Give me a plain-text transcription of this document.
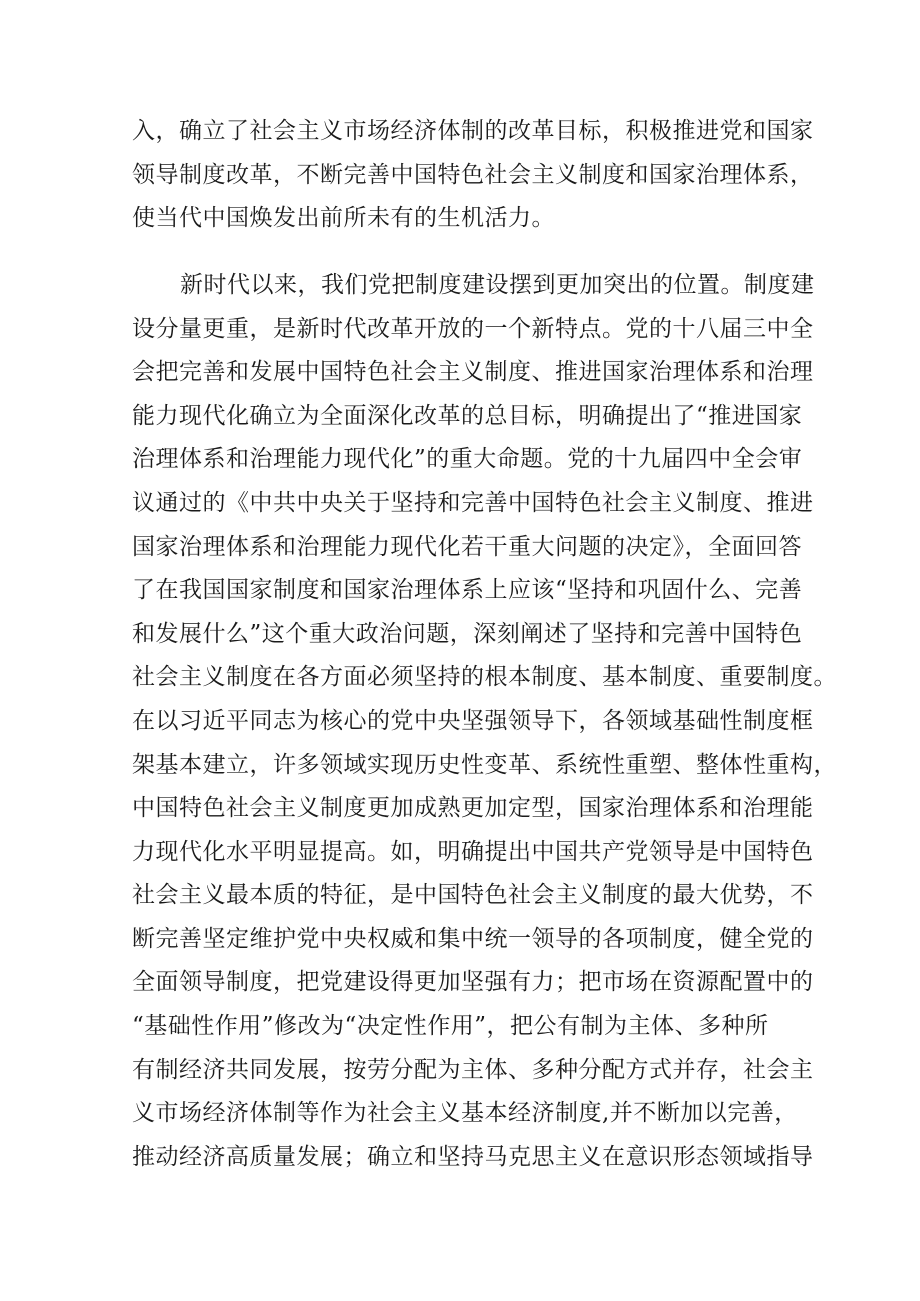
入，确立了社会主义市场经济体制的改革目标，积极推进党和国家
领导制度改革，不断完善中国特色社会主义制度和国家治理体系，
使当代中国焕发出前所未有的生机活力。
新时代以来，我们党把制度建设摆到更加突出的位置。制度建
设分量更重，是新时代改革开放的一个新特点。党的十八届三中全
会把完善和发展中国特色社会主义制度、推进国家治理体系和治理
能力现代化确立为全面深化改革的总目标，明确提出了“推进国家
治理体系和治理能力现代化”的重大命题。党的十九届四中全会审
议通过的《中共中央关于坚持和完善中国特色社会主义制度、推进
国家治理体系和治理能力现代化若干重大问题的决定》，全面回答
了在我国国家制度和国家治理体系上应该“坚持和巩固什么、完善
和发展什么”这个重大政治问题，深刻阐述了坚持和完善中国特色
社会主义制度在各方面必须坚持的根本制度、基本制度、重要制度。
在以习近平同志为核心的党中央坚强领导下，各领域基础性制度框
架基本建立，许多领域实现历史性变革、系统性重塑、整体性重构，
中国特色社会主义制度更加成熟更加定型，国家治理体系和治理能
力现代化水平明显提高。如，明确提出中国共产党领导是中国特色
社会主义最本质的特征，是中国特色社会主义制度的最大优势，不
断完善坚定维护党中央权威和集中统一领导的各项制度，健全党的
全面领导制度，把党建设得更加坚强有力；把市场在资源配置中的
“基础性作用”修改为“决定性作用”，把公有制为主体、多种所
有制经济共同发展，按劳分配为主体、多种分配方式并存，社会主
义市场经济体制等作为社会主义基本经济制度,并不断加以完善，
推动经济高质量发展；确立和坚持马克思主义在意识形态领域指导
